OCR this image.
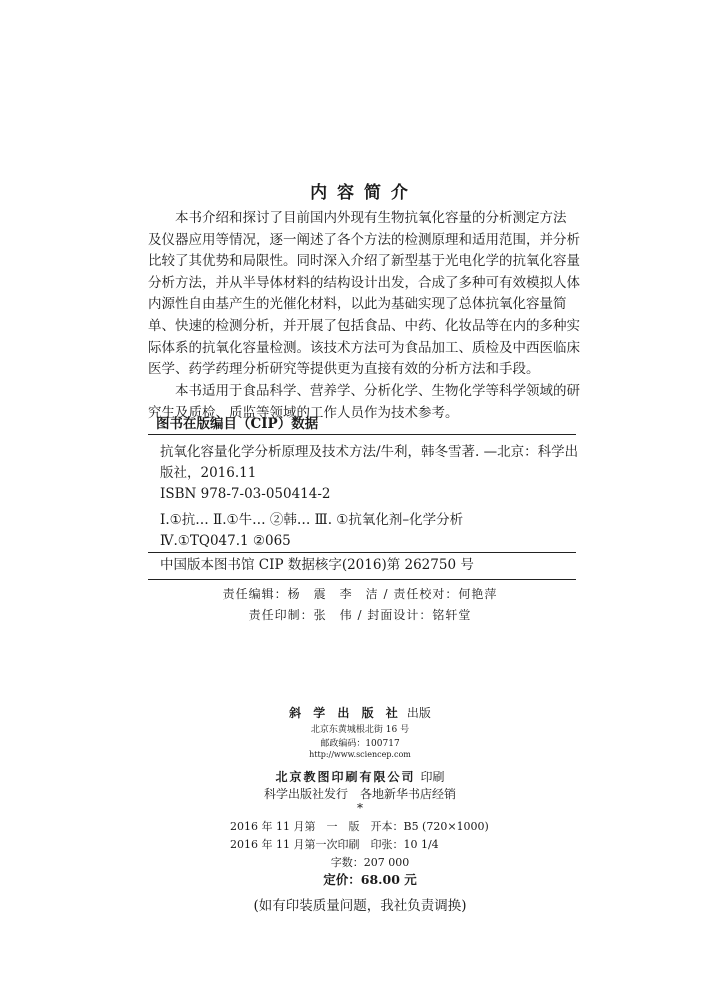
内 容 简 介
本书介绍和探讨了目前国内外现有生物抗氧化容量的分析测定方法
及仪器应用等情况，逐一阐述了各个方法的检测原理和适用范围，并分析
比较了其优势和局限性。同时深入介绍了新型基于光电化学的抗氧化容量
分析方法，并从半导体材料的结构设计出发，合成了多种可有效模拟人体
内源性自由基产生的光催化材料，以此为基础实现了总体抗氧化容量简
单、快速的检测分析，并开展了包括食品、中药、化妆品等在内的多种实
际体系的抗氧化容量检测。该技术方法可为食品加工、质检及中西医临床
医学、药学药理分析研究等提供更为直接有效的分析方法和手段。
本书适用于食品科学、营养学、分析化学、生物化学等科学领域的研
究生及质检、质监等领域的工作人员作为技术参考。
图书在版编目（CIP）数据
抗氧化容量化学分析原理及技术方法/牛利，韩冬雪著. —北京：科学出
版社，2016.11
ISBN 978-7-03-050414-2
Ⅰ.①抗… Ⅱ.①牛… ②韩… Ⅲ. ①抗氧化剂–化学分析
Ⅳ.①TQ047.1 ②065
中国版本图书馆 CIP 数据核字(2016)第 262750 号
责任编辑：杨　震　李　洁 / 责任校对：何艳萍
责任印制：张　伟 / 封面设计：铭轩堂
斜 学 出 版 社 出版
北京东黄城根北街 16 号
邮政编码：100717
http://www.sciencep.com
北京教图印刷有限公司 印刷
科学出版社发行　各地新华书店经销
*
2016 年 11 月第　一　版　开本：B5 (720×1000)
2016 年 11 月第一次印刷　印张：10 1/4
字数：207 000
定价：68.00 元
(如有印装质量问题，我社负责调换)
